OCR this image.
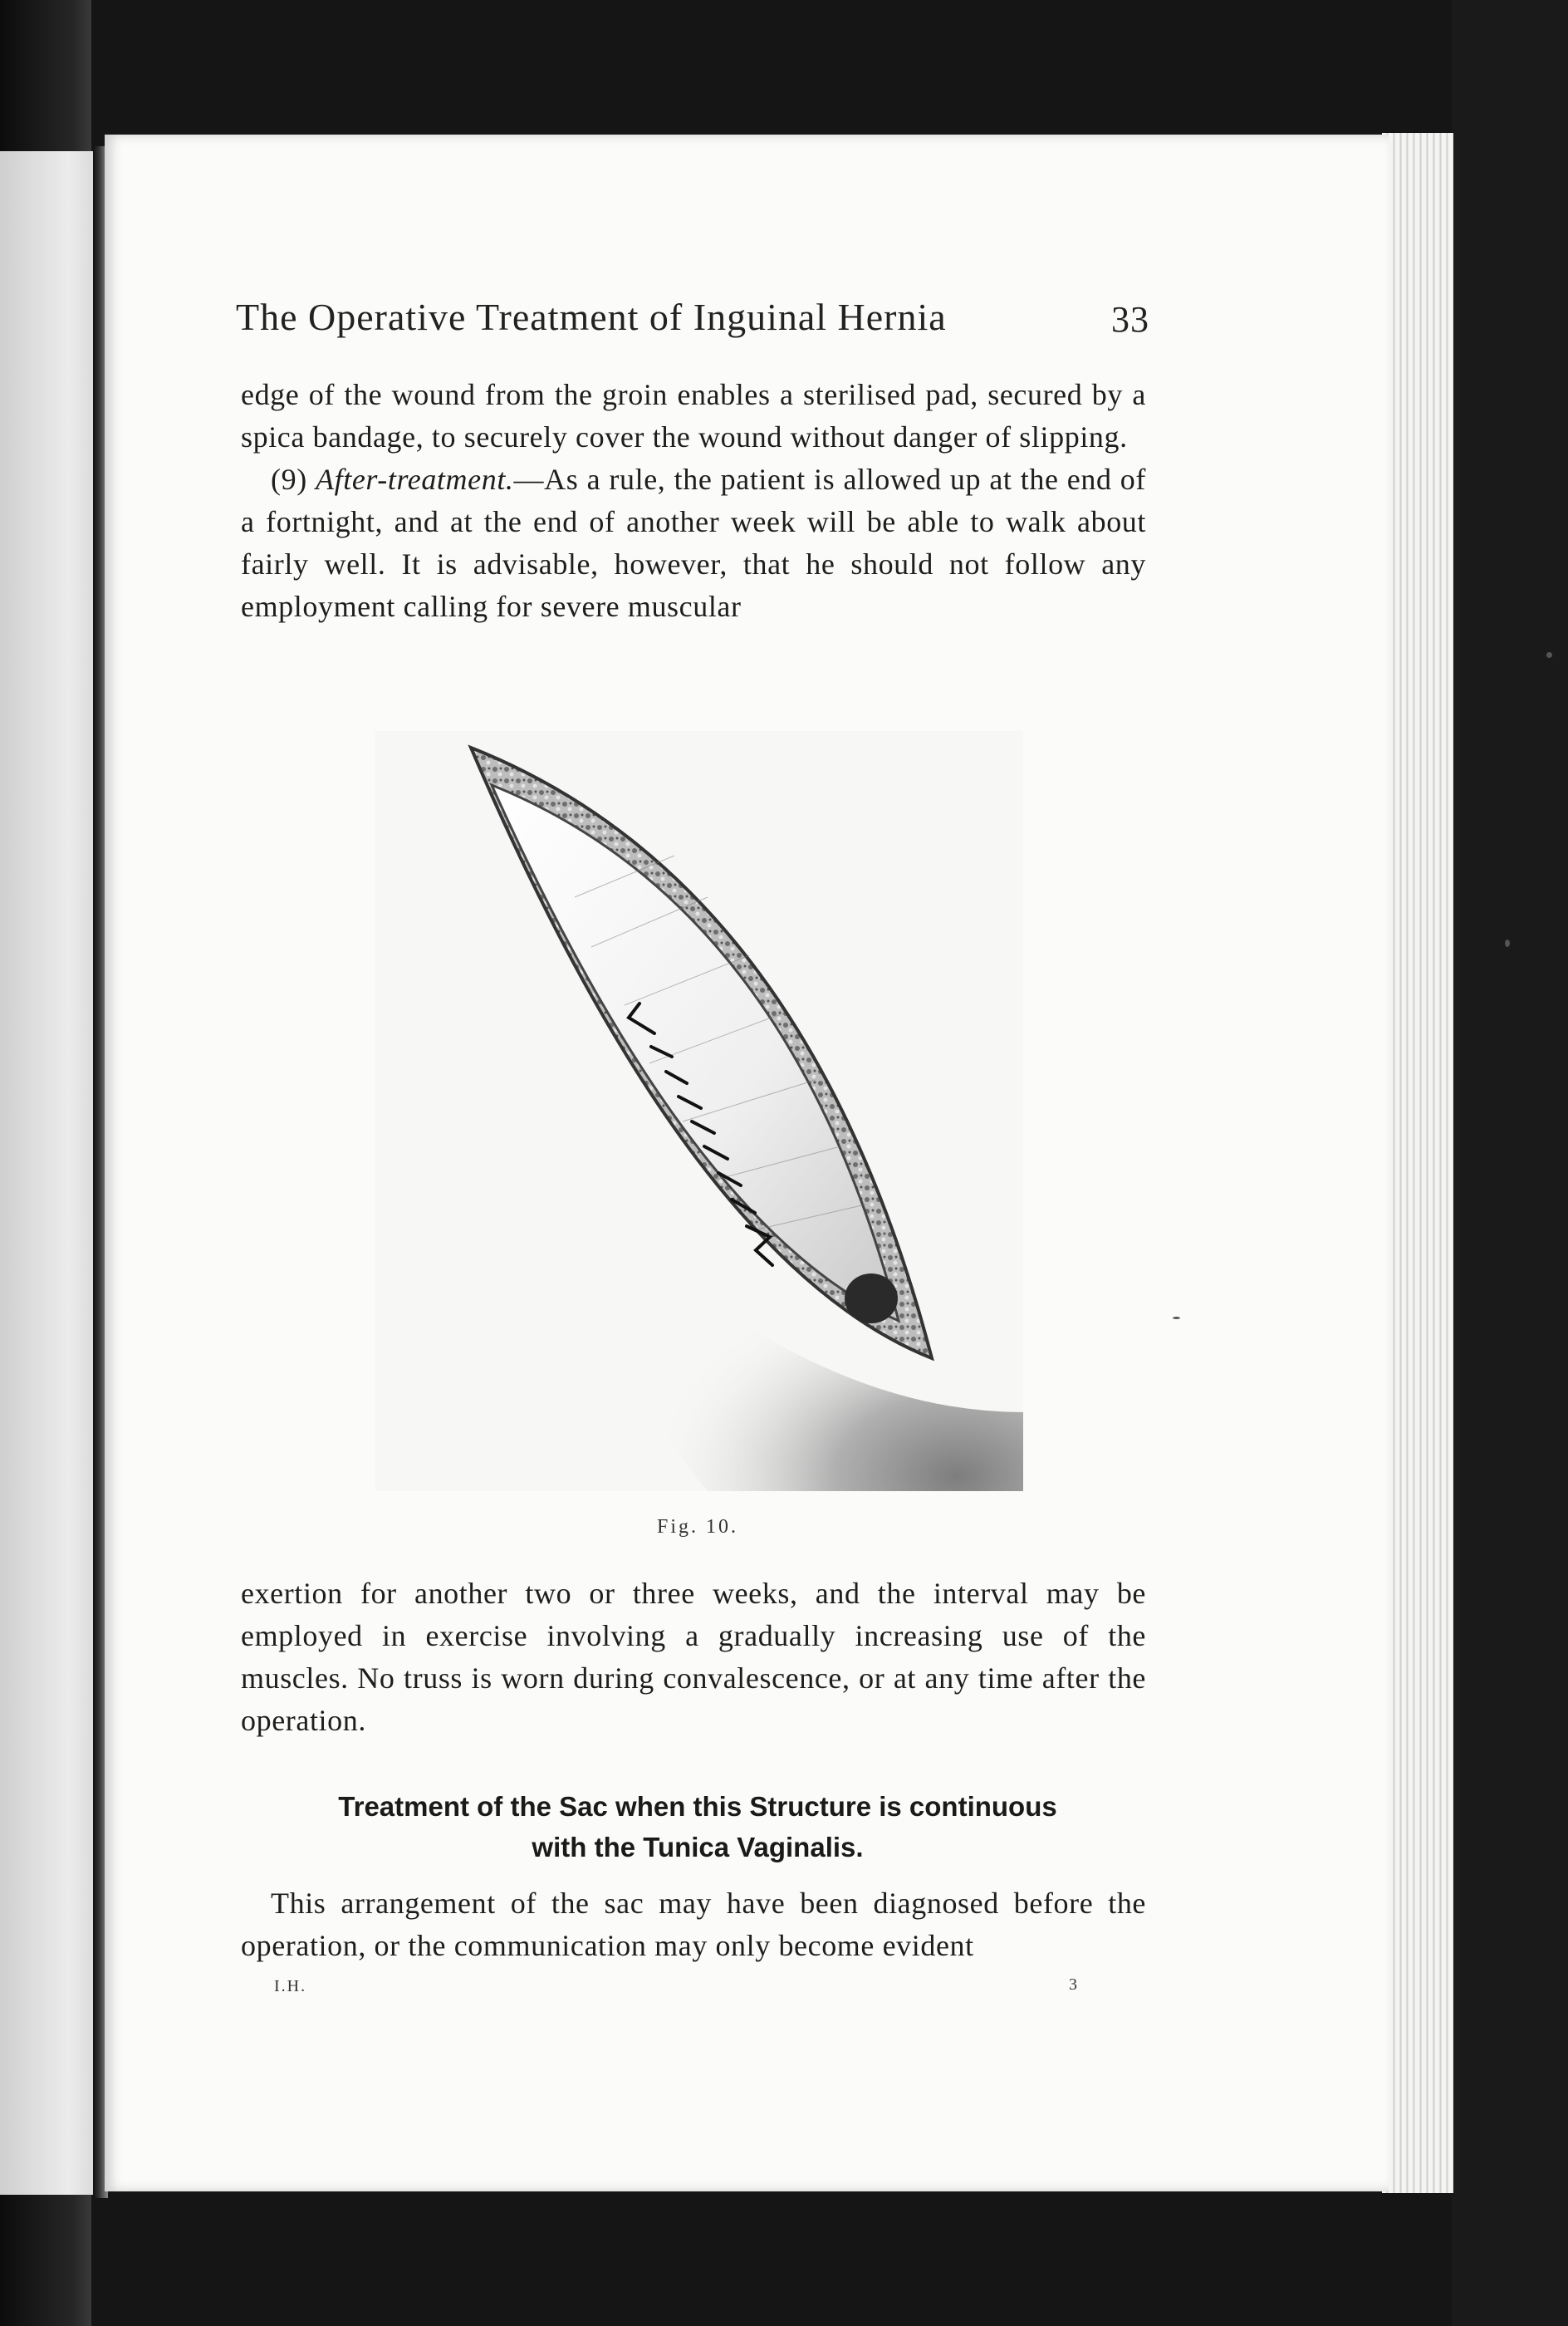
The Operative Treatment of Inguinal Hernia	33

edge of the wound from the groin enables a sterilised pad, secured by a spica bandage, to securely cover the wound without danger of slipping.

(9) After-treatment.—As a rule, the patient is allowed up at the end of a fortnight, and at the end of another week will be able to walk about fairly well. It is advisable, however, that he should not follow any employment calling for severe muscular

Fig. 10.

exertion for another two or three weeks, and the interval may be employed in exercise involving a gradually increasing use of the muscles. No truss is worn during convalescence, or at any time after the operation.

Treatment of the Sac when this Structure is continuous
with the Tunica Vaginalis.

This arrangement of the sac may have been diagnosed before the operation, or the communication may only become evident

I.H.	3
